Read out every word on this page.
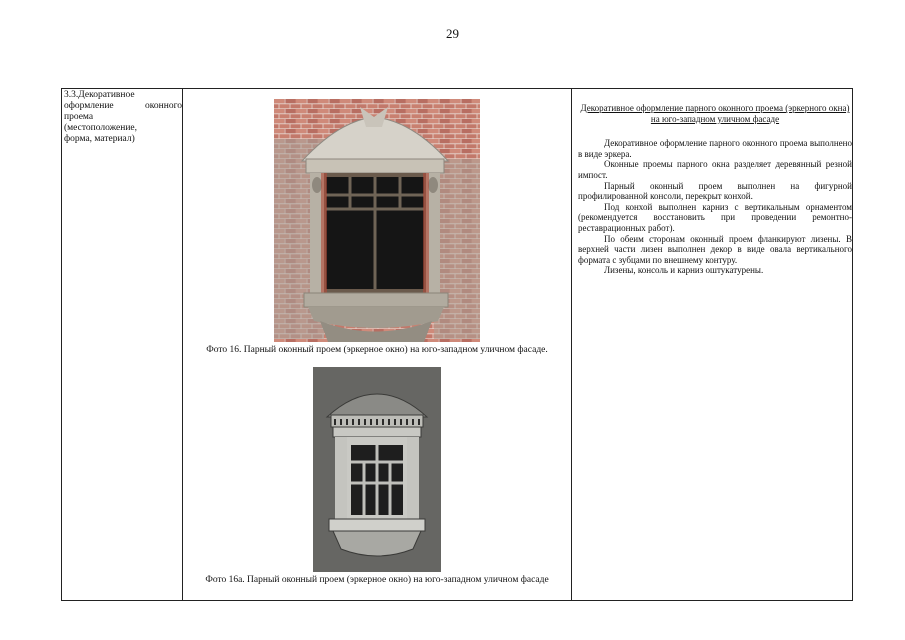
29
3.3.Декоративное
оформление оконного
проема
(местоположение,
форма, материал)
Фото 16. Парный оконный проем (эркерное окно) на юго-западном уличном фасаде.
Фото 16а. Парный оконный проем (эркерное окно) на юго-западном уличном фасаде
Декоративное оформление парного оконного проема (эркерного окна) на юго-западном уличном фасаде

Декоративное оформление парного оконного проема выполнено в виде эркера.

Оконные проемы парного окна разделяет деревянный резной импост.

Парный оконный проем выполнен на фигурной профилированной консоли, перекрыт конхой.

Под конхой выполнен карниз с вертикальным орнаментом (рекомендуется восстановить при проведении ремонтно-реставрационных работ).

По обеим сторонам оконный проем фланкируют лизены. В верхней части лизен выполнен декор в виде овала вертикального формата с зубцами по внешнему контуру.

Лизены, консоль и карниз оштукатурены.
